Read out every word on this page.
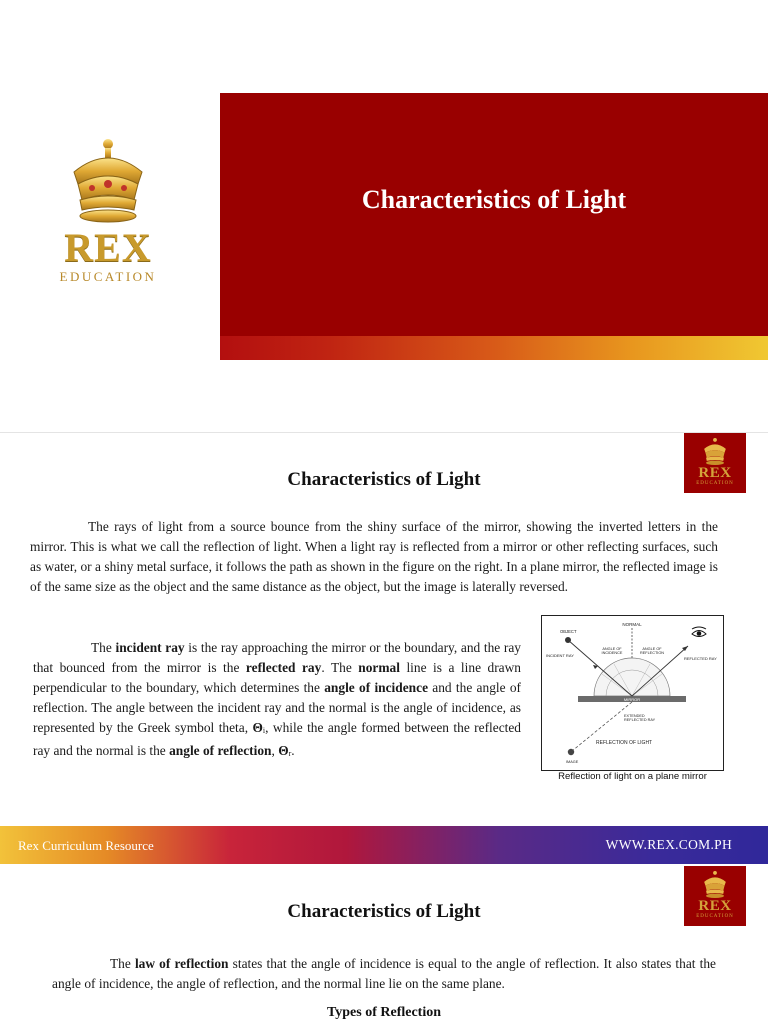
REX
EDUCATION
Characteristics of Light
REX
EDUCATION
Characteristics of Light

The rays of light from a source bounce from the shiny surface of the mirror, showing the inverted letters in the mirror. This is what we call the reflection of light. When a light ray is reflected from a mirror or other reflecting surfaces, such as water, or a shiny metal surface, it follows the path as shown in the figure on the right. In a plane mirror, the reflected image is of the same size as the object and the same distance as the object, but the image is laterally reversed.

The incident ray is the ray approaching the mirror or the boundary, and the ray that bounced from the mirror is the reflected ray. The normal line is a line drawn perpendicular to the boundary, which determines the angle of incidence and the angle of reflection. The angle between the incident ray and the normal is the angle of incidence, as represented by the Greek symbol theta, $\Theta_i$, while the angle formed between the reflected ray and the normal is the angle of reflection, $\Theta_r$.

NORMAL
MIRROR
OBJECT
INCIDENT RAY
REFLECTED RAY
ANGLE OF
INCIDENCE
ANGLE OF
REFLECTION
IMAGE
EXTENDED
REFLECTED RAY
REFLECTION OF LIGHT
Reflection of light on a plane mirror
Rex Curriculum Resource	WWW.REX.COM.PH
REX
EDUCATION
Characteristics of Light

The law of reflection states that the angle of incidence is equal to the angle of reflection. It also states that the angle of incidence, the angle of reflection, and the normal line lie on the same plane.

Types of Reflection
